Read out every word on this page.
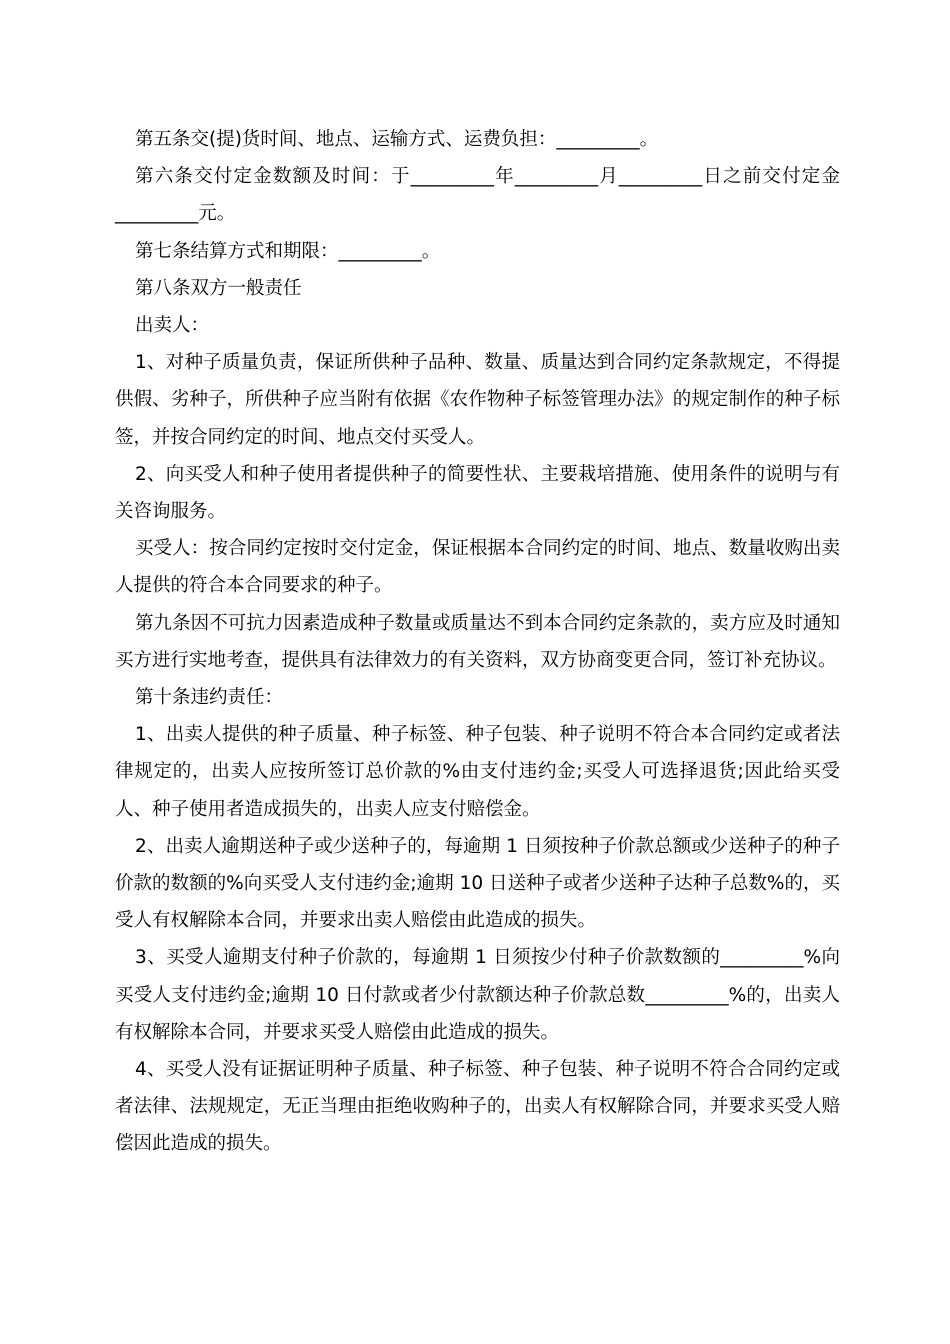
第五条交(提)货时间、地点、运输方式、运费负担：_________。

第六条交付定金数额及时间：于_________年_________月_________日之前交付定金_________元。

第七条结算方式和期限：_________。

第八条双方一般责任

出卖人：

1、对种子质量负责，保证所供种子品种、数量、质量达到合同约定条款规定，不得提供假、劣种子，所供种子应当附有依据《农作物种子标签管理办法》的规定制作的种子标签，并按合同约定的时间、地点交付买受人。

2、向买受人和种子使用者提供种子的简要性状、主要栽培措施、使用条件的说明与有关咨询服务。

买受人：按合同约定按时交付定金，保证根据本合同约定的时间、地点、数量收购出卖人提供的符合本合同要求的种子。

第九条因不可抗力因素造成种子数量或质量达不到本合同约定条款的，卖方应及时通知买方进行实地考查，提供具有法律效力的有关资料，双方协商变更合同，签订补充协议。

第十条违约责任：

1、出卖人提供的种子质量、种子标签、种子包装、种子说明不符合本合同约定或者法律规定的，出卖人应按所签订总价款的%由支付违约金;买受人可选择退货;因此给买受人、种子使用者造成损失的，出卖人应支付赔偿金。

2、出卖人逾期送种子或少送种子的，每逾期 1 日须按种子价款总额或少送种子的种子价款的数额的%向买受人支付违约金;逾期 10 日送种子或者少送种子达种子总数%的，买受人有权解除本合同，并要求出卖人赔偿由此造成的损失。

3、买受人逾期支付种子价款的，每逾期 1 日须按少付种子价款数额的_________%向买受人支付违约金;逾期 10 日付款或者少付款额达种子价款总数_________%的，出卖人有权解除本合同，并要求买受人赔偿由此造成的损失。

4、买受人没有证据证明种子质量、种子标签、种子包装、种子说明不符合合同约定或者法律、法规规定，无正当理由拒绝收购种子的，出卖人有权解除合同，并要求买受人赔偿因此造成的损失。
